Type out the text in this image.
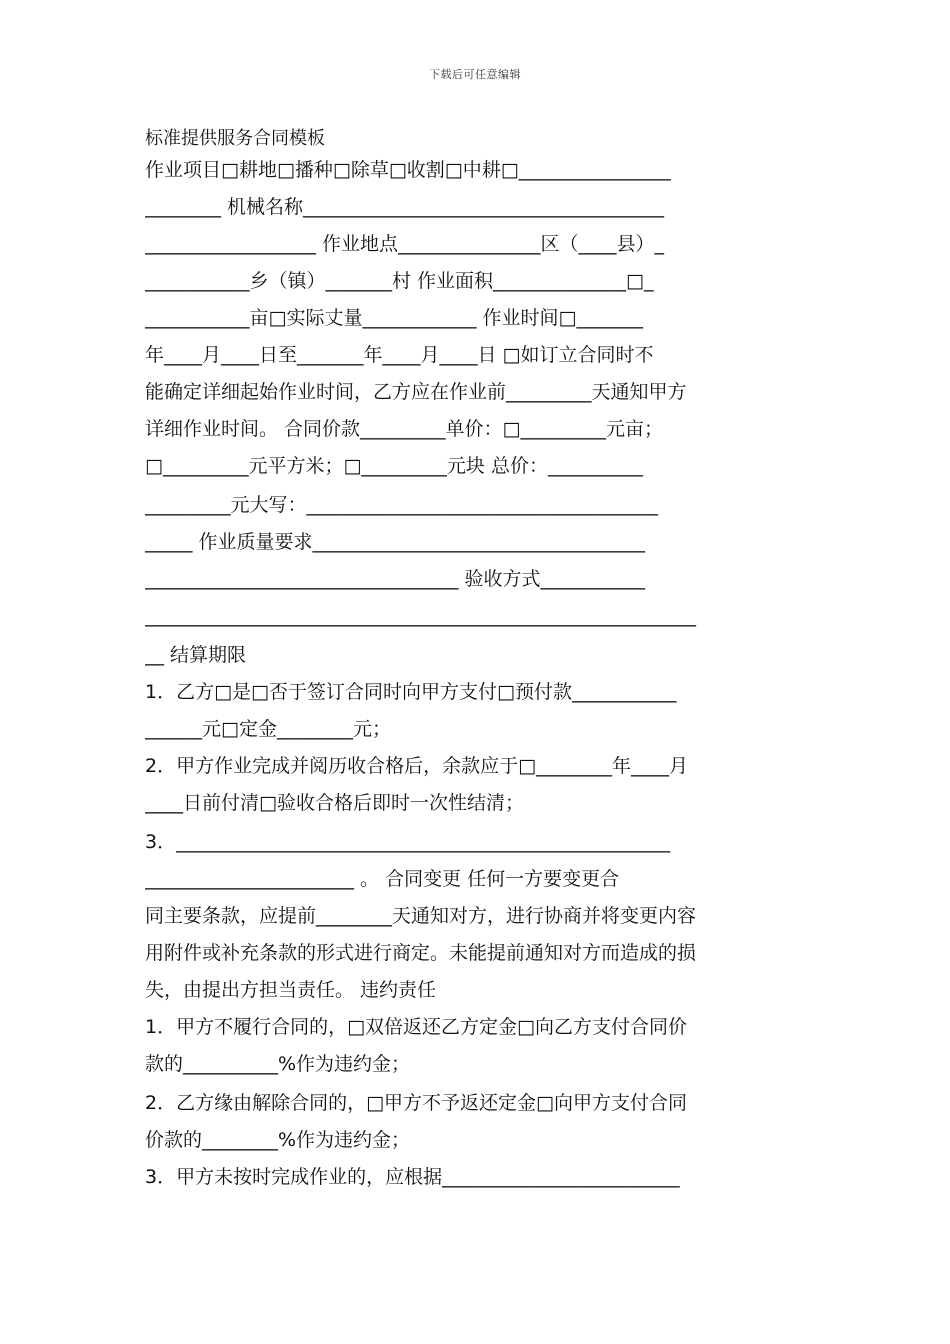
下载后可任意编辑
标准提供服务合同模板
作业项目□耕地□播种□除草□收割□中耕□________________
________ 机械名称______________________________________
__________________ 作业地点_______________区（____县）_
___________乡（镇）_______村 作业面积______________□_
___________亩□实际丈量____________ 作业时间□_______
年____月____日至_______年____月____日 □如订立合同时不
能确定详细起始作业时间，乙方应在作业前_________天通知甲方
详细作业时间。 合同价款_________单价：□_________元亩；
□_________元平方米；□_________元块 总价：__________
_________元大写：_____________________________________
_____ 作业质量要求___________________________________
_________________________________ 验收方式___________
__________________________________________________________
__ 结算期限
1．乙方□是□否于签订合同时向甲方支付□预付款___________
______元□定金________元；
2．甲方作业完成并阅历收合格后，余款应于□________年____月
____日前付清□验收合格后即时一次性结清；
3．____________________________________________________
______________________ 。 合同变更 任何一方要变更合
同主要条款，应提前________天通知对方，进行协商并将变更内容
用附件或补充条款的形式进行商定。未能提前通知对方而造成的损
失，由提出方担当责任。 违约责任
1．甲方不履行合同的，□双倍返还乙方定金□向乙方支付合同价
款的__________%作为违约金；
2．乙方缘由解除合同的，□甲方不予返还定金□向甲方支付合同
价款的________%作为违约金；
3．甲方未按时完成作业的，应根据_________________________
